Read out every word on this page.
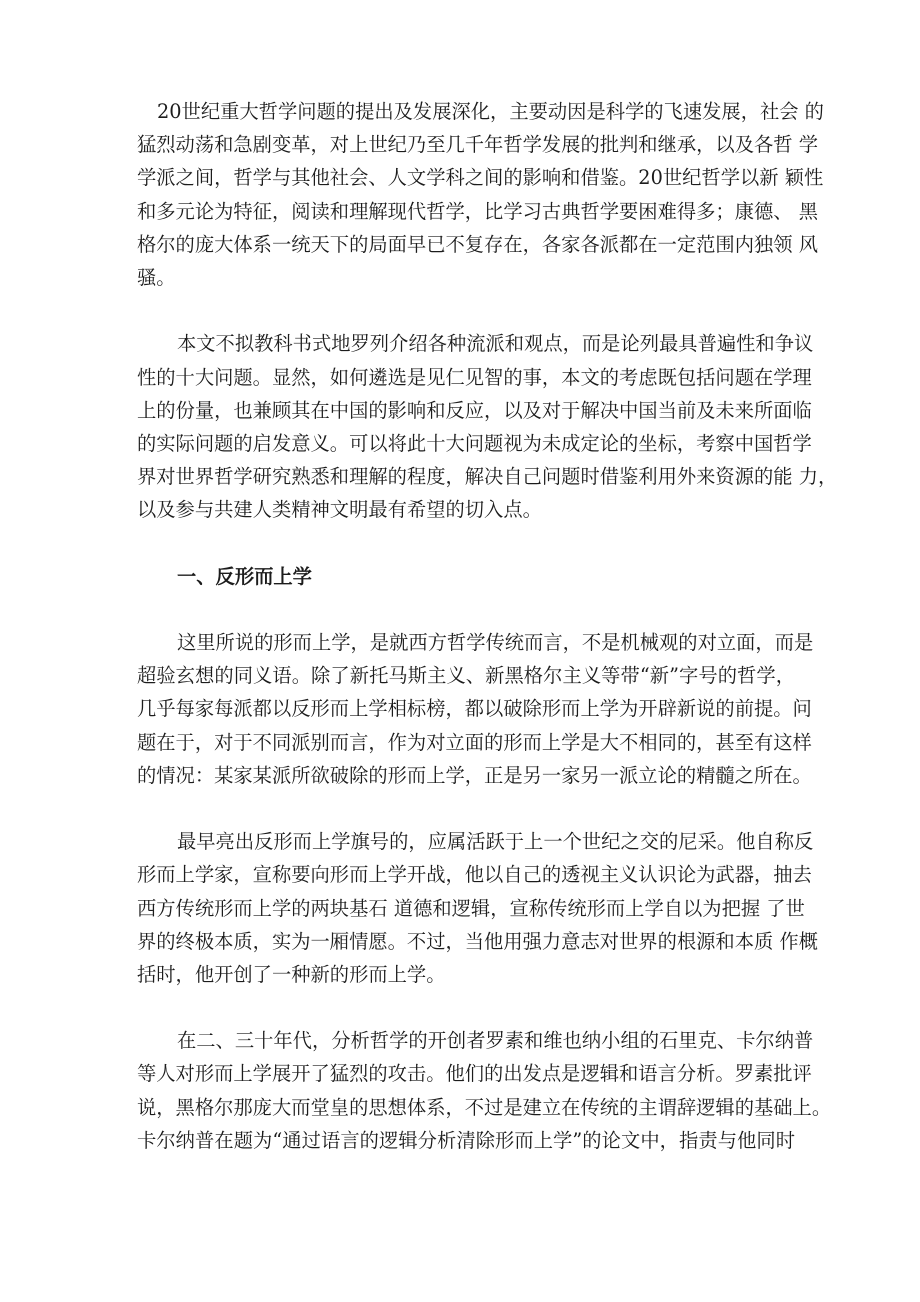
20世纪重大哲学问题的提出及发展深化，主要动因是科学的飞速发展，社会 的
猛烈动荡和急剧变革，对上世纪乃至几千年哲学发展的批判和继承，以及各哲 学
学派之间，哲学与其他社会、人文学科之间的影响和借鉴。20世纪哲学以新 颖性
和多元论为特征，阅读和理解现代哲学，比学习古典哲学要困难得多；康德、 黑
格尔的庞大体系一统天下的局面早已不复存在，各家各派都在一定范围内独领 风
骚。
本文不拟教科书式地罗列介绍各种流派和观点，而是论列最具普遍性和争议
性的十大问题。显然，如何遴选是见仁见智的事，本文的考虑既包括问题在学理
上的份量，也兼顾其在中国的影响和反应，以及对于解决中国当前及未来所面临
的实际问题的启发意义。可以将此十大问题视为未成定论的坐标，考察中国哲学
界对世界哲学研究熟悉和理解的程度，解决自己问题时借鉴利用外来资源的能 力，
以及参与共建人类精神文明最有希望的切入点。
一、反形而上学
这里所说的形而上学，是就西方哲学传统而言，不是机械观的对立面，而是
超验玄想的同义语。除了新托马斯主义、新黑格尔主义等带“新”字号的哲学，
几乎每家每派都以反形而上学相标榜，都以破除形而上学为开辟新说的前提。问
题在于，对于不同派别而言，作为对立面的形而上学是大不相同的，甚至有这样
的情况：某家某派所欲破除的形而上学，正是另一家另一派立论的精髓之所在。
最早亮出反形而上学旗号的，应属活跃于上一个世纪之交的尼采。他自称反
形而上学家，宣称要向形而上学开战，他以自己的透视主义认识论为武器，抽去
西方传统形而上学的两块基石 道德和逻辑，宣称传统形而上学自以为把握 了世
界的终极本质，实为一厢情愿。不过，当他用强力意志对世界的根源和本质 作概
括时，他开创了一种新的形而上学。
在二、三十年代，分析哲学的开创者罗素和维也纳小组的石里克、卡尔纳普
等人对形而上学展开了猛烈的攻击。他们的出发点是逻辑和语言分析。罗素批评
说，黑格尔那庞大而堂皇的思想体系，不过是建立在传统的主谓辞逻辑的基础上。
卡尔纳普在题为“通过语言的逻辑分析清除形而上学”的论文中，指责与他同时
